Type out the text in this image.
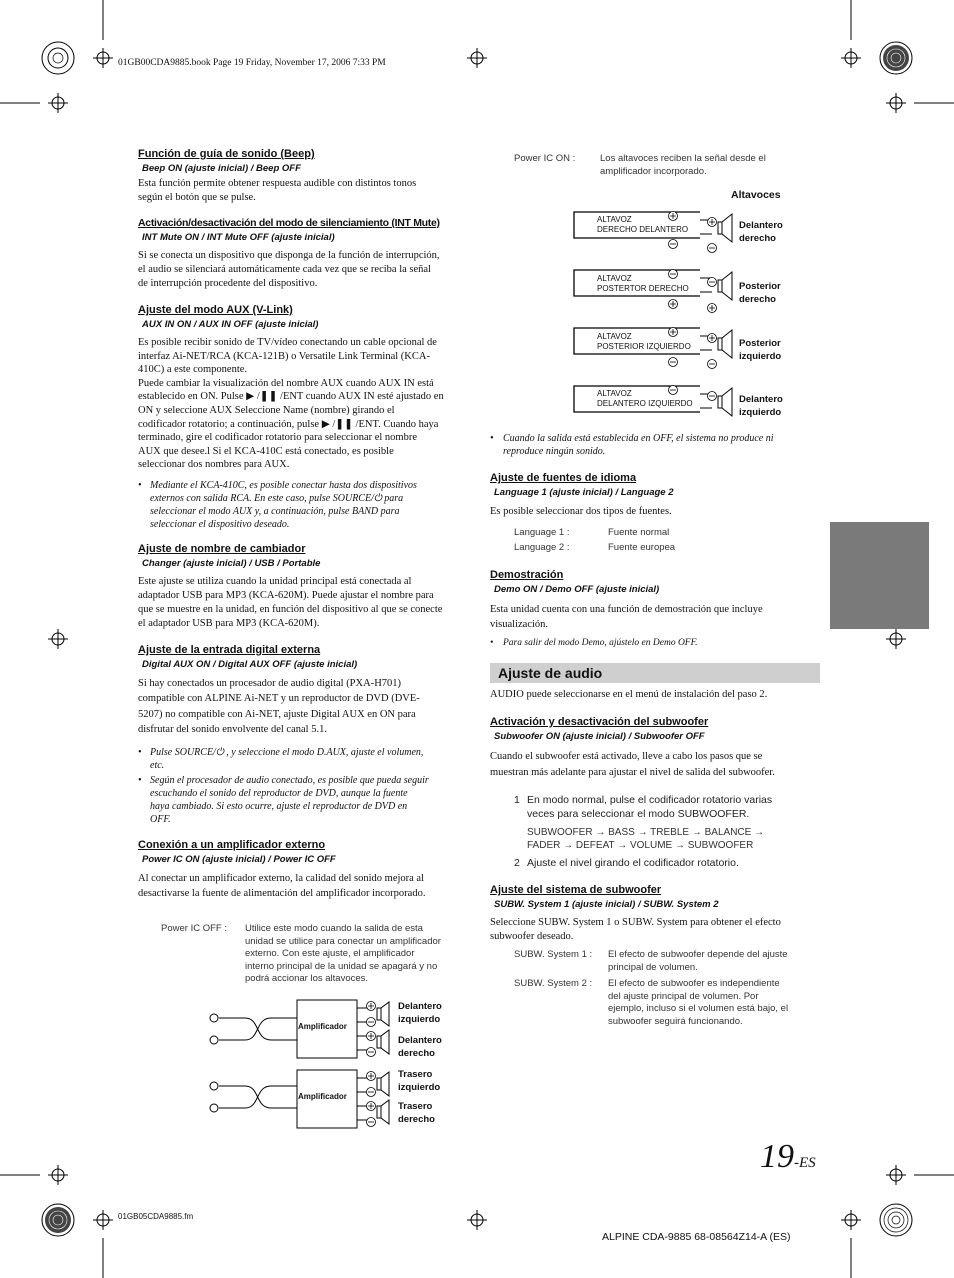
01GB00CDA9885.book Page 19 Friday, November 17, 2006 7:33 PM
Función de guía de sonido (Beep)
Beep ON (ajuste inicial) / Beep OFF
Esta función permite obtener respuesta audible con distintos tonos
según el botón que se pulse.
Activación/desactivación del modo de silenciamiento (INT Mute)
INT Mute ON / INT Mute OFF (ajuste inicial)
Si se conecta un dispositivo que disponga de la función de interrupción,
el audio se silenciará automáticamente cada vez que se reciba la señal
de interrupción procedente del dispositivo.
Ajuste del modo AUX (V-Link)
AUX IN ON / AUX IN OFF (ajuste inicial)
Es posible recibir sonido de TV/vídeo conectando un cable opcional de
interfaz Ai-NET/RCA (KCA-121B) o Versatile Link Terminal (KCA-
410C) a este componente.
Puede cambiar la visualización del nombre AUX cuando AUX IN está
establecido en ON. Pulse ▶ /❚❚ /ENT cuando AUX IN esté ajustado en
ON y seleccione AUX Seleccione Name (nombre) girando el
codificador rotatorio; a continuación, pulse ▶ /❚❚ /ENT. Cuando haya
terminado, gire el codificador rotatorio para seleccionar el nombre
AUX que desee.l Si el KCA-410C está conectado, es posible
seleccionar dos nombres para AUX.
• Mediante el KCA-410C, es posible conectar hasta dos dispositivos
externos con salida RCA. En este caso, pulse SOURCE/⏻ para
seleccionar el modo AUX y, a continuación, pulse BAND para
seleccionar el dispositivo deseado.
Ajuste de nombre de cambiador
Changer (ajuste inicial) / USB / Portable
Este ajuste se utiliza cuando la unidad principal está conectada al
adaptador USB para MP3 (KCA-620M). Puede ajustar el nombre para
que se muestre en la unidad, en función del dispositivo al que se conecte
el adaptador USB para MP3 (KCA-620M).
Ajuste de la entrada digital externa
Digital AUX ON / Digital AUX OFF (ajuste inicial)
Si hay conectados un procesador de audio digital (PXA-H701)
compatible con ALPINE Ai-NET y un reproductor de DVD (DVE-
5207) no compatible con Ai-NET, ajuste Digital AUX en ON para
disfrutar del sonido envolvente del canal 5.1.
• Pulse SOURCE/⏻ , y seleccione el modo D.AUX, ajuste el volumen,
etc.
• Según el procesador de audio conectado, es posible que pueda seguir
escuchando el sonido del reproductor de DVD, aunque la fuente
haya cambiado. Si esto ocurre, ajuste el reproductor de DVD en
OFF.
Conexión a un amplificador externo
Power IC ON (ajuste inicial) / Power IC OFF
Al conectar un amplificador externo, la calidad del sonido mejora al
desactivarse la fuente de alimentación del amplificador incorporado.
Power IC OFF : Utilice este modo cuando la salida de esta
unidad se utilice para conectar un amplificador
externo. Con este ajuste, el amplificador
interno principal de la unidad se apagará y no
podrá accionar los altavoces.
Amplificador
Amplificador
Delantero
izquierdo
Delantero
derecho
Trasero
izquierdo
Trasero
derecho
Power IC ON :	Los altavoces reciben la señal desde el
amplificador incorporado.
Altavoces
ALTAVOZ
DERECHO DELANTERO
ALTAVOZ
POSTERTOR DERECHO
ALTAVOZ
POSTERIOR IZQUIERDO
ALTAVOZ
DELANTERO IZQUIERDO
Delantero
derecho
Posterior
derecho
Posterior
izquierdo
Delantero
izquierdo
• Cuando la salida está establecida en OFF, el sistema no produce ni
reproduce ningún sonido.
Ajuste de fuentes de idioma
Language 1 (ajuste inicial) / Language 2
Es posible seleccionar dos tipos de fuentes.
Language 1 :	Fuente normal
Language 2 :	Fuente europea
Demostración
Demo ON / Demo OFF (ajuste inicial)
Esta unidad cuenta con una función de demostración que incluye
visualización.
• Para salir del modo Demo, ajústelo en Demo OFF.
Ajuste de audio
AUDIO puede seleccionarse en el menú de instalación del paso 2.
Activación y desactivación del subwoofer
Subwoofer ON (ajuste inicial) / Subwoofer OFF
Cuando el subwoofer está activado, lleve a cabo los pasos que se
muestran más adelante para ajustar el nivel de salida del subwoofer.
1 En modo normal, pulse el codificador rotatorio varias
veces para seleccionar el modo SUBWOOFER.
SUBWOOFER → BASS → TREBLE → BALANCE →
FADER → DEFEAT → VOLUME → SUBWOOFER
2 Ajuste el nivel girando el codificador rotatorio.
Ajuste del sistema de subwoofer
SUBW. System 1 (ajuste inicial) / SUBW. System 2
Seleccione SUBW. System 1 o SUBW. System para obtener el efecto
subwoofer deseado.
SUBW. System 1 : El efecto de subwoofer depende del ajuste
principal de volumen.
SUBW. System 2 : El efecto de subwoofer es independiente
del ajuste principal de volumen. Por
ejemplo, incluso si el volumen está bajo, el
subwoofer seguirá funcionando.
19-ES
01GB05CDA9885.fm
ALPINE CDA-9885 68-08564Z14-A (ES)
